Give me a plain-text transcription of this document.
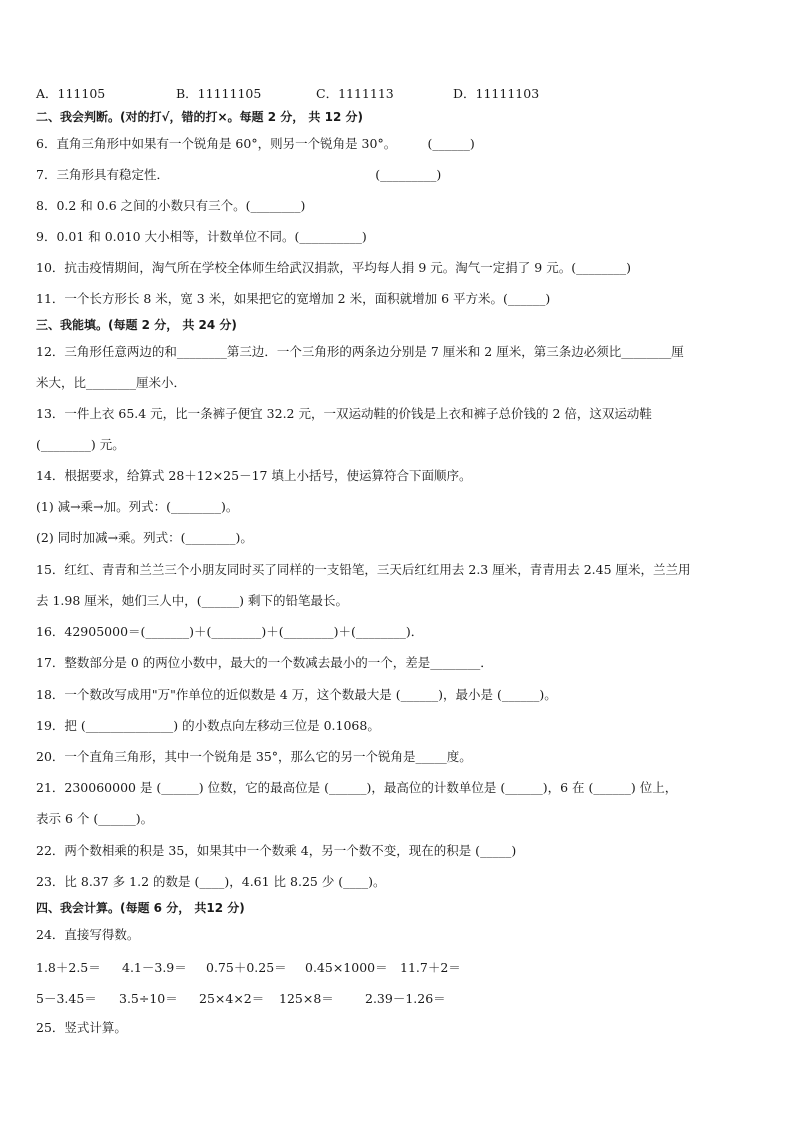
A．111105	B．11111105	C．1111113	D．11111103
二、我会判断。(对的打√，错的打×。每题 2 分， 共 12 分)
6．直角三角形中如果有一个锐角是 60°，则另一个锐角是 30°。　　　(______)
7．三角形具有稳定性．　　　　　　　　　　　　　　　　　(_________)
8．0.2 和 0.6 之间的小数只有三个。(________)
9．0.01 和 0.010 大小相等，计数单位不同。(__________)
10．抗击疫情期间，淘气所在学校全体师生给武汉捐款，平均每人捐 9 元。淘气一定捐了 9 元。(________)
11．一个长方形长 8 米，宽 3 米，如果把它的宽增加 2 米，面积就增加 6 平方米。(______)
三、我能填。(每题 2 分， 共 24 分)
12．三角形任意两边的和________第三边．一个三角形的两条边分别是 7 厘米和 2 厘米，第三条边必须比________厘
米大，比________厘米小．
13．一件上衣 65.4 元，比一条裤子便宜 32.2 元，一双运动鞋的价钱是上衣和裤子总价钱的 2 倍，这双运动鞋
(________) 元。
14．根据要求，给算式 28＋12×25－17 填上小括号，使运算符合下面顺序。
(1) 减→乘→加。列式：(________)。
(2) 同时加减→乘。列式：(________)。
15．红红、青青和兰兰三个小朋友同时买了同样的一支铅笔，三天后红红用去 2.3 厘米，青青用去 2.45 厘米，兰兰用
去 1.98 厘米，她们三人中，(______) 剩下的铅笔最长。
16．42905000＝(_______)＋(________)＋(________)＋(________)．
17．整数部分是 0 的两位小数中，最大的一个数减去最小的一个，差是________．
18．一个数改写成用"万"作单位的近似数是 4 万，这个数最大是 (______)，最小是 (______)。
19．把 (______________) 的小数点向左移动三位是 0.1068。
20．一个直角三角形，其中一个锐角是 35°，那么它的另一个锐角是_____度。
21．230060000 是 (______) 位数，它的最高位是 (______)，最高位的计数单位是 (______)，6 在 (______) 位上，
表示 6 个 (______)。
22．两个数相乘的积是 35，如果其中一个数乘 4，另一个数不变，现在的积是 (_____)
23．比 8.37 多 1.2 的数是 (____)，4.61 比 8.25 少 (____)。
四、我会计算。(每题 6 分， 共12 分)
24．直接写得数。
1.8＋2.5＝ 4.1－3.9＝ 0.75＋0.25＝ 0.45×1000＝ 11.7＋2＝
5－3.45＝ 3.5÷10＝ 25×4×2＝ 125×8＝ 2.39－1.26＝
25．竖式计算。
